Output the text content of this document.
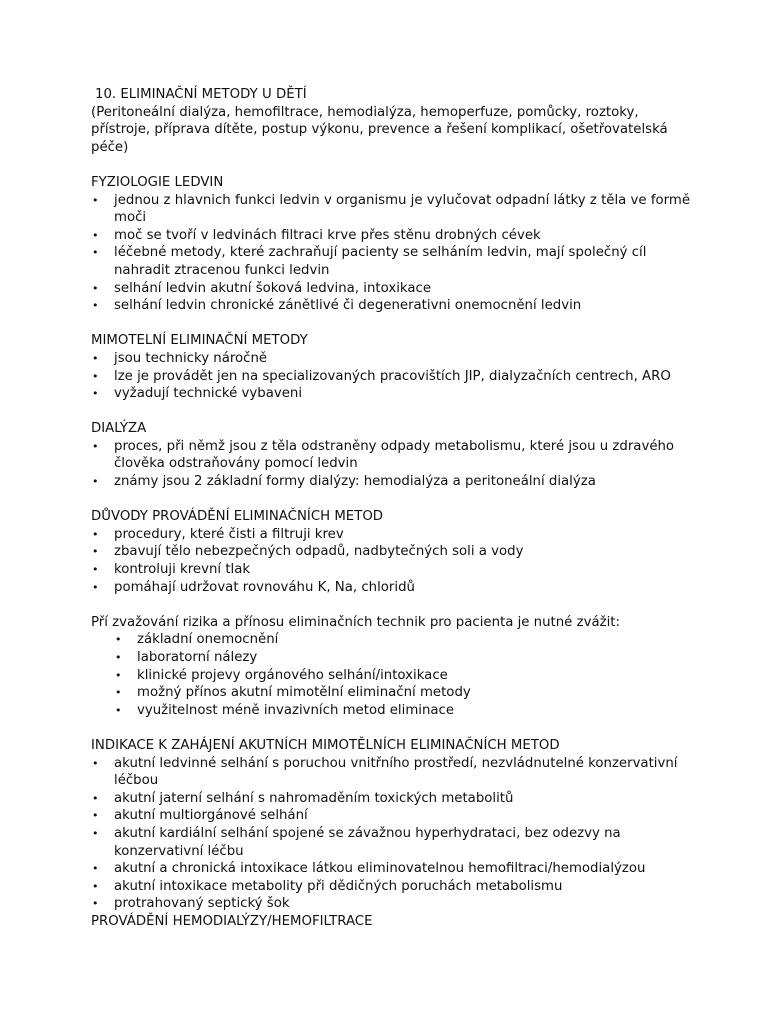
10. ELIMINAČNÍ METODY U DĚTÍ

(Peritoneální dialýza, hemofiltrace, hemodialýza, hemoperfuze, pomůcky, roztoky, přístroje, příprava dítěte, postup výkonu, prevence a řešení komplikací, ošetřovatelská péče)

FYZIOLOGIE LEDVIN

• jednou z hlavnich funkci ledvin v organismu je vylučovat odpadní látky z těla ve formě moči
• moč se tvoří v ledvinách filtraci krve přes stěnu drobných cévek
• léčebné metody, které zachraňují pacienty se selháním ledvin, mají společný cíl nahradit ztracenou funkci ledvin
• selhání ledvin akutní šoková ledvina, intoxikace
• selhání ledvin chronické zánětlivé či degenerativni onemocnění ledvin

MIMOTELNÍ ELIMINAČNÍ METODY

• jsou technicky náročně
• lze je provádět jen na specializovaných pracovištích JIP, dialyzačních centrech, ARO
• vyžadují technické vybaveni

DIALÝZA

• proces, při němž jsou z těla odstraněny odpady metabolismu, které jsou u zdravého člověka odstraňovány pomocí ledvin
• známy jsou 2 základní formy dialýzy: hemodialýza a peritoneální dialýza

DŮVODY PROVÁDĚNÍ ELIMINAČNÍCH METOD

• procedury, které čisti a filtruji krev
• zbavují tělo nebezpečných odpadů, nadbytečných soli a vody
• kontroluji krevní tlak
• pomáhají udržovat rovnováhu K, Na, chloridů

Pří zvažování rizika a přínosu eliminačních technik pro pacienta je nutné zvážit:

• základní onemocnění
• laboratorní nálezy
• klinické projevy orgánového selhání/intoxikace
• možný přínos akutní mimotělní eliminační metody
• využitelnost méně invazivních metod eliminace

INDIKACE K ZAHÁJENÍ AKUTNÍCH MIMOTĚLNÍCH ELIMINAČNÍCH METOD

• akutní ledvinné selhání s poruchou vnitřního prostředí, nezvládnutelné konzervativní léčbou
• akutní jaterní selhání s nahromaděním toxických metabolitů
• akutní multiorgánové selhání
• akutní kardiální selhání spojené se závažnou hyperhydrataci, bez odezvy na konzervativní léčbu
• akutní a chronická intoxikace látkou eliminovatelnou hemofiltraci/hemodialýzou
• akutní intoxikace metabolity při dědičných poruchách metabolismu
• protrahovaný septický šok

PROVÁDĚNÍ HEMODIALÝZY/HEMOFILTRACE
